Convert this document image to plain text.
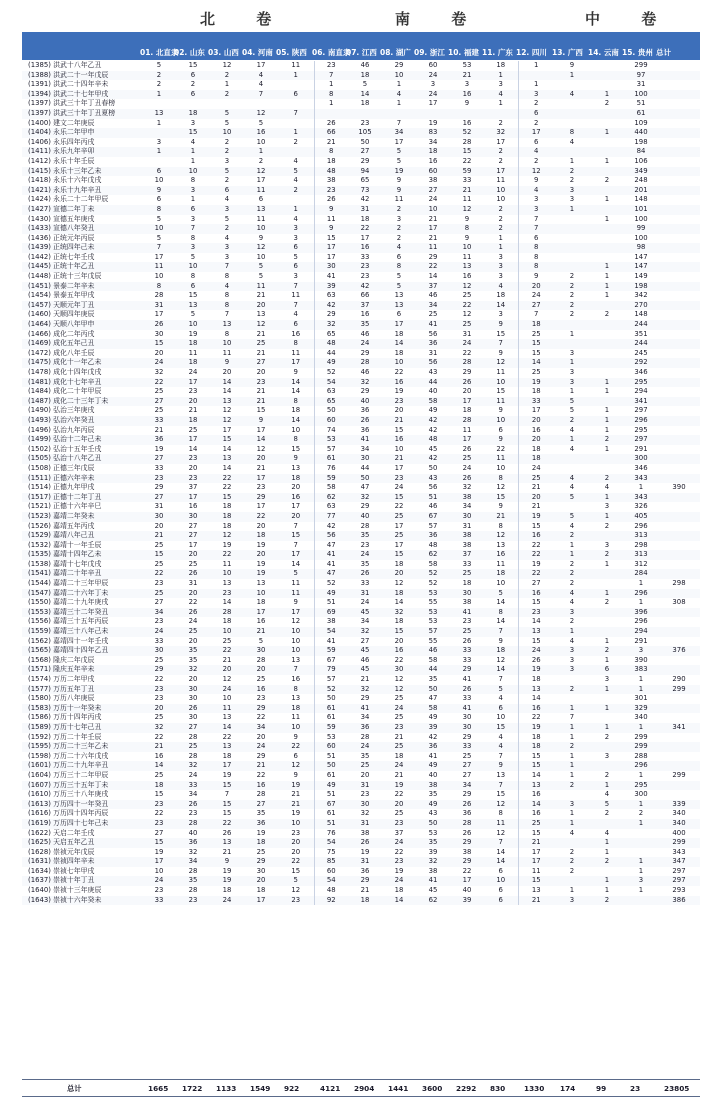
北 卷	南 卷	中 卷
01. 北直隶
02. 山东 03. 山西 04. 河南 05. 陕西 06. 南直隶
07. 江西 08. 湖广 09. 浙江 10. 福建 11. 广东 12. 四川 13. 广西 14. 云南 15. 贵州 总计
(1385) 洪武十八年乙丑	5	15	12	17	11	23	46	29	60	53	18	1	9		299	
(1388) 洪武二十一年戊辰	2	6	2	4	1	7	18	10	24	21	1		1		97	
(1391) 洪武二十四年辛未	2	2	1	4		1	5	1	3	3	3	1			31	
(1394) 洪武二十七年甲戌	1	6	2	7	6	8	14	4	24	16	4	3	4	1	100	
(1397) 洪武三十年丁丑春榜						1	18	1	17	9	1	2		2	51	
(1397) 洪武三十年丁丑夏榜	13	18	5	12	7							6			61	
(1400) 建文二年庚辰	1	3	5	5		26	23	7	19	16	2	2			109	
(1404) 永乐二年甲申		15	10	16	1	66	105	34	83	52	32	17	8	1	440	
(1406) 永乐四年丙戌	3	4	2	10	2	21	50	17	34	28	17	6	4		198	
(1411) 永乐九年辛卯	1	1	2	1		8	27	5	18	15	2	4			84	
(1412) 永乐十年壬辰		1	3	2	4	18	29	5	16	22	2	2	1	1	106	
(1415) 永乐十三年乙未	6	10	5	12	5	48	94	19	60	59	17	12	2		349	
(1418) 永乐十六年戊戌	10	8	2	17	4	38	65	9	38	33	11	9	2	2	248	
(1421) 永乐十九年辛丑	9	3	6	11	2	23	73	9	27	21	10	4	3		201	
(1424) 永乐二十二年甲辰	6	1	4	6		26	42	11	24	11	10	3	3	1	148	
(1427) 宣德二年丁未	8	6	3	13	1	9	31	2	10	12	2	3	1		101	
(1430) 宣德五年庚戌	5	3	5	11	4	11	18	3	21	9	2	7		1	100	
(1433) 宣德八年癸丑	10	7	2	10	3	9	22	2	17	8	2	7			99	
(1436) 正统元年丙辰	5	8	4	9	3	15	17	2	21	9	1	6			100	
(1439) 正统四年己未	7	3	3	12	6	17	16	4	11	10	1	8			98	
(1442) 正统七年壬戌	17	5	3	10	5	17	33	6	29	11	3	8			147	
(1445) 正统十年乙丑	11	10	7	5	6	30	23	8	22	13	3	8		1	147	
(1448) 正统十三年戊辰	10	8	8	5	3	41	23	5	14	16	3	9	2	1	149	
(1451) 景泰二年辛未	8	6	4	11	7	39	42	5	37	12	4	20	2	1	198	
(1454) 景泰五年甲戌	28	15	8	21	11	63	66	13	46	25	18	24	2	1	342	
(1457) 天顺元年丁丑	31	13	8	20	7	42	37	13	34	22	14	27	2		270	
(1460) 天顺四年庚辰	17	5	7	13	4	29	16	6	25	12	3	7	2	2	148	
(1464) 天顺八年甲申	26	10	13	12	6	32	35	17	41	25	9	18			244	
(1466) 成化二年丙戌	30	19	8	21	16	65	46	18	56	31	15	25	1		351	
(1469) 成化五年己丑	15	18	10	25	8	48	24	14	36	24	7	15			244	
(1472) 成化八年壬辰	20	11	11	21	11	44	29	18	31	22	9	15	3		245	
(1475) 成化十一年乙未	24	18	9	27	17	49	28	10	56	28	12	14	1		292	
(1478) 成化十四年戊戌	32	24	20	20	9	52	46	22	43	29	11	25	3		346	
(1481) 成化十七年辛丑	22	17	14	23	14	54	32	16	44	26	10	19	3	1	295	
(1484) 成化二十年甲辰	25	23	14	21	14	63	29	19	40	20	15	18	1	1	294	
(1487) 成化二十三年丁未	27	20	13	21	8	65	40	23	58	17	11	33	5		341	
(1490) 弘治三年庚戌	25	21	12	15	18	50	36	20	49	18	9	17	5	1	297	
(1493) 弘治六年癸丑	33	18	12	9	14	60	26	21	42	28	10	20	2	1	296	
(1496) 弘治九年丙辰	21	25	17	17	10	74	36	15	42	11	6	16	4	1	295	
(1499) 弘治十二年己未	36	17	15	14	8	53	41	16	48	17	9	20	1	2	297	
(1502) 弘治十五年壬戌	19	14	14	12	15	57	34	10	45	26	22	18	4	1	291	
(1505) 弘治十八年乙丑	27	23	13	20	9	61	30	21	42	25	11	18			300	
(1508) 正德三年戊辰	33	20	14	21	13	76	44	17	50	24	10	24			346	
(1511) 正德六年辛未	23	23	22	17	18	59	50	23	43	26	8	25	4	2	343	
(1514) 正德九年甲戌	29	37	22	23	20	58	47	24	56	32	12	21	4	4	1	390
(1517) 正德十二年丁丑	27	17	15	29	16	62	32	15	51	38	15	20	5	1	343	
(1521) 正德十六年辛巳	31	16	18	17	17	63	29	22	46	34	9	21		3	326	
(1523) 嘉靖二年癸未	30	30	18	22	20	77	40	25	67	30	21	19	5	1	405	
(1526) 嘉靖五年丙戌	20	27	18	20	7	42	28	17	57	31	8	15	4	2	296	
(1529) 嘉靖八年己丑	21	27	12	18	15	56	35	25	36	38	12	16	2		313	
(1532) 嘉靖十一年壬辰	25	17	19	19	7	47	23	17	48	38	13	22	1	3	298	
(1535) 嘉靖十四年乙未	15	20	22	20	17	41	24	15	62	37	16	22	1	2	313	
(1538) 嘉靖十七年戊戌	25	25	11	19	14	41	35	18	58	33	11	19	2	1	312	
(1541) 嘉靖二十年辛丑	22	26	10	19	5	47	26	20	52	25	18	22	2		284	
(1544) 嘉靖二十三年甲辰	23	31	13	13	11	52	33	12	52	18	10	27	2		1	298
(1547) 嘉靖二十六年丁未	25	20	23	10	11	49	31	18	53	30	5	16	4	1	296	
(1550) 嘉靖二十九年庚戌	27	22	14	18	9	51	24	14	55	38	14	15	4	2	1	308
(1553) 嘉靖三十二年癸丑	34	26	28	17	17	69	45	32	53	41	8	23	3		396	
(1556) 嘉靖三十五年丙辰	23	24	18	16	12	38	34	18	53	23	14	14	2		296	
(1559) 嘉靖三十八年己未	24	25	10	21	10	54	32	15	57	25	7	13	1		294	
(1562) 嘉靖四十一年壬戌	33	20	25	5	10	41	27	20	55	26	9	15	4	1	291	
(1565) 嘉靖四十四年乙丑	30	35	22	30	10	59	45	16	46	33	18	24	3	2	3	376
(1568) 隆庆二年戊辰	25	35	21	28	13	67	46	22	58	33	12	26	3	1	390	
(1571) 隆庆五年辛未	29	32	20	20	7	79	45	30	44	29	14	19	3	6	383	
(1574) 万历二年甲戌	22	20	12	25	16	57	21	12	35	41	7	18		3	1	290
(1577) 万历五年丁丑	23	30	24	16	8	52	32	12	50	26	5	13	2	1	1	299
(1580) 万历八年庚辰	23	30	10	23	13	50	29	25	47	33	4	14			301	
(1583) 万历十一年癸未	20	26	11	29	18	61	41	24	58	41	6	16	1	1	329	
(1586) 万历十四年丙戌	25	30	13	22	11	61	34	25	49	30	10	22	7		340	
(1589) 万历十七年己丑	32	27	14	34	10	59	36	23	39	30	15	19	1	1	1	341
(1592) 万历二十年壬辰	22	28	22	20	9	53	28	21	42	29	4	18	1	2	299	
(1595) 万历二十三年乙未	21	25	13	24	22	60	24	25	36	33	4	18	2		299	
(1598) 万历二十六年戊戌	16	28	18	29	6	51	35	18	41	25	7	15	1	3	288	
(1601) 万历二十九年辛丑	14	32	17	21	12	50	25	24	49	27	9	15	1		296	
(1604) 万历三十二年甲辰	25	24	19	22	9	61	20	21	40	27	13	14	1	2	1	299
(1607) 万历三十五年丁未	18	33	15	16	19	49	31	19	38	34	7	13	2	1	295	
(1610) 万历三十八年庚戌	15	34	7	28	21	51	23	22	35	29	15	16		4	300	
(1613) 万历四十一年癸丑	23	26	15	27	21	67	30	20	49	26	12	14	3	5	1	339
(1616) 万历四十四年丙辰	22	23	15	35	19	61	32	25	43	36	8	16	1	2	2	340
(1619) 万历四十七年己未	23	28	22	36	10	51	31	23	50	28	11	25	1		1	340
(1622) 天启二年壬戌	27	40	26	19	23	76	38	37	53	26	12	15	4	4		400
(1625) 天启五年乙丑	15	36	13	18	20	54	26	24	35	29	7	21		1		299
(1628) 崇祯元年戊辰	19	32	21	25	20	75	19	22	39	38	14	17	2	1		343
(1631) 崇祯四年辛未	17	34	9	29	22	85	31	23	32	29	14	17	2	2	1	347
(1634) 崇祯七年甲戌	10	28	19	30	15	60	36	19	38	22	6	11	2		1	297
(1637) 崇祯十年丁丑	24	35	19	20	5	54	29	24	41	17	10	15		1	3	297
(1640) 崇祯十三年庚辰	23	28	18	18	12	48	21	18	45	40	6	13	1	1	1	293
(1643) 崇祯十六年癸未	33	23	24	17	23	92	18	14	62	39	6	21	3	2		386
总计	1665 1722 1133 1549 922	4121 2904 1441 3600 2292 830	1330 174	99	23	23805
